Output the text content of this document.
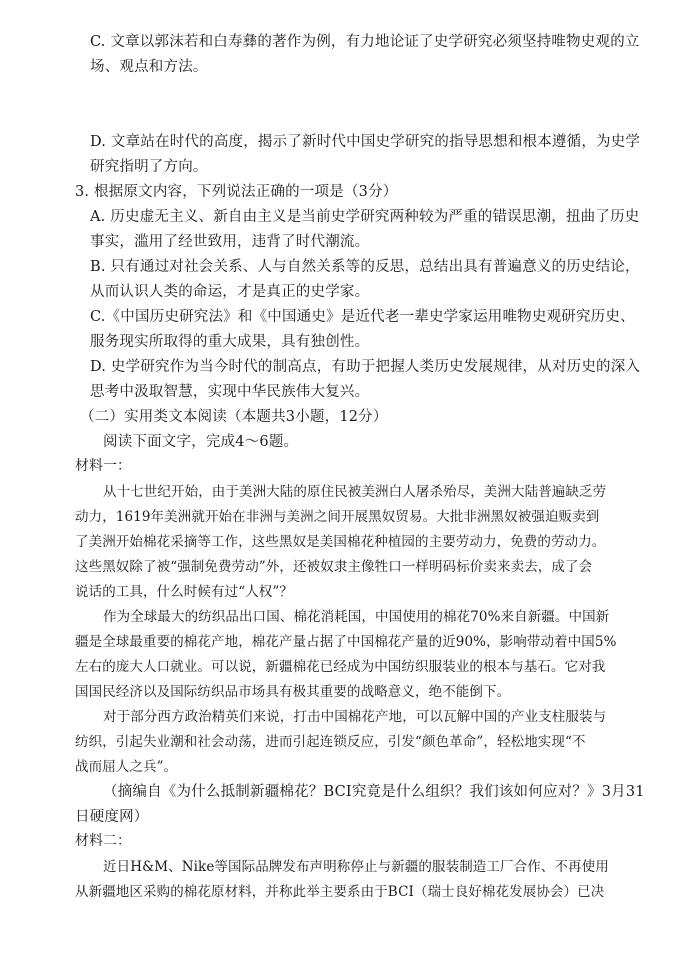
C. 文章以郭沫若和白寿彝的著作为例，有力地论证了史学研究必须坚持唯物史观的立
场、观点和方法。
D. 文章站在时代的高度，揭示了新时代中国史学研究的指导思想和根本遵循，为史学
研究指明了方向。
3. 根据原文内容，下列说法正确的一项是（3分）
A. 历史虚无主义、新自由主义是当前史学研究两种较为严重的错误思潮，扭曲了历史
事实，滥用了经世致用，违背了时代潮流。
B. 只有通过对社会关系、人与自然关系等的反思，总结出具有普遍意义的历史结论，
从而认识人类的命运，才是真正的史学家。
C.《中国历史研究法》和《中国通史》是近代老一辈史学家运用唯物史观研究历史、
服务现实所取得的重大成果，具有独创性。
D. 史学研究作为当今时代的制高点，有助于把握人类历史发展规律，从对历史的深入
思考中汲取智慧，实现中华民族伟大复兴。
（二）实用类文本阅读（本题共3小题，12分）
阅读下面文字，完成4～6题。
材料一：
从十七世纪开始，由于美洲大陆的原住民被美洲白人屠杀殆尽，美洲大陆普遍缺乏劳
动力，1619年美洲就开始在非洲与美洲之间开展黑奴贸易。大批非洲黑奴被强迫贩卖到
了美洲开始棉花采摘等工作，这些黑奴是美国棉花种植园的主要劳动力，免费的劳动力。
这些黑奴除了被“强制免费劳动”外，还被奴隶主像牲口一样明码标价卖来卖去，成了会
说话的工具，什么时候有过“人权”？
作为全球最大的纺织品出口国、棉花消耗国，中国使用的棉花70%来自新疆。中国新
疆是全球最重要的棉花产地，棉花产量占据了中国棉花产量的近90%，影响带动着中国5%
左右的庞大人口就业。可以说，新疆棉花已经成为中国纺织服装业的根本与基石。它对我
国国民经济以及国际纺织品市场具有极其重要的战略意义，绝不能倒下。
对于部分西方政治精英们来说，打击中国棉花产地，可以瓦解中国的产业支柱服装与
纺织，引起失业潮和社会动荡，进而引起连锁反应，引发“颜色革命”，轻松地实现“不
战而屈人之兵”。
（摘编自《为什么抵制新疆棉花？BCI究竟是什么组织？我们该如何应对？》3月31
日硬度网）
材料二：
近日H&M、Nike等国际品牌发布声明称停止与新疆的服装制造工厂合作、不再使用
从新疆地区采购的棉花原材料，并称此举主要系由于BCI（瑞士良好棉花发展协会）已决
